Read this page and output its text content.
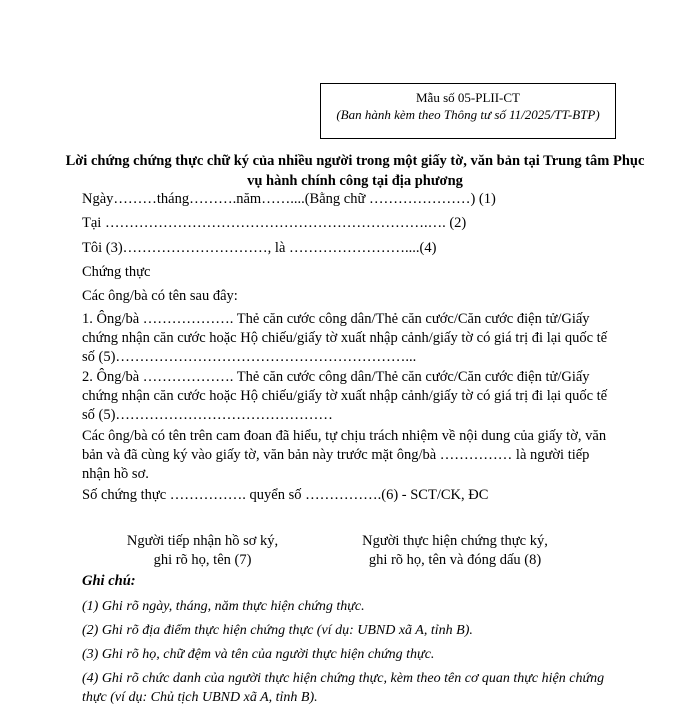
Mẫu số 05-PLII-CT
(Ban hành kèm theo Thông tư số 11/2025/TT-BTP)
Lời chứng chứng thực chữ ký của nhiều người trong một giấy tờ, văn bản tại Trung tâm Phục vụ hành chính công tại địa phương
Ngày………tháng……….năm……....(Bằng chữ …………………) (1)
Tại ………………………………………………………….…. (2)
Tôi (3)…………………………, là ……………………....(4)
Chứng thực
Các ông/bà có tên sau đây:
1. Ông/bà ………………. Thẻ căn cước công dân/Thẻ căn cước/Căn cước điện tử/Giấy chứng nhận căn cước hoặc Hộ chiếu/giấy tờ xuất nhập cảnh/giấy tờ có giá trị đi lại quốc tế số (5)……………………………………………………...
2. Ông/bà ………………. Thẻ căn cước công dân/Thẻ căn cước/Căn cước điện tử/Giấy chứng nhận căn cước hoặc Hộ chiếu/giấy tờ xuất nhập cảnh/giấy tờ có giá trị đi lại quốc tế số (5)………………………………………
Các ông/bà có tên trên cam đoan đã hiểu, tự chịu trách nhiệm về nội dung của giấy tờ, văn bản và đã cùng ký vào giấy tờ, văn bản này trước mặt ông/bà …………… là người tiếp nhận hồ sơ.
Số chứng thực ……………. quyển số …………….(6) - SCT/CK, ĐC
Người tiếp nhận hồ sơ ký,
ghi rõ họ, tên (7)
Người thực hiện chứng thực ký,
ghi rõ họ, tên và đóng dấu (8)
Ghi chú:
(1) Ghi rõ ngày, tháng, năm thực hiện chứng thực.
(2) Ghi rõ địa điểm thực hiện chứng thực (ví dụ: UBND xã A, tỉnh B).
(3) Ghi rõ họ, chữ đệm và tên của người thực hiện chứng thực.
(4) Ghi rõ chức danh của người thực hiện chứng thực, kèm theo tên cơ quan thực hiện chứng thực (ví dụ: Chủ tịch UBND xã A, tỉnh B).
